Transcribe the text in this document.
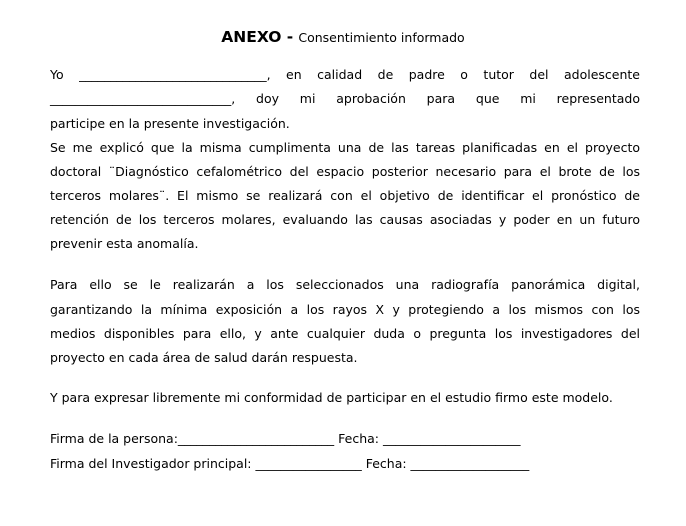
ANEXO - Consentimiento informado
Yo ______________________________, en calidad de padre o tutor del adolescente
_____________________________, doy mi aprobación para que mi representado
participe en la presente investigación.
Se me explicó que la misma cumplimenta una de las tareas planificadas en el proyecto
doctoral ¨Diagnóstico cefalométrico del espacio posterior necesario para el brote de los
terceros molares¨. El mismo se realizará con el objetivo de identificar el pronóstico de
retención de los terceros molares, evaluando las causas asociadas y poder en un futuro
prevenir esta anomalía.
Para ello se le realizarán a los seleccionados una radiografía panorámica digital,
garantizando la mínima exposición a los rayos X y protegiendo a los mismos con los
medios disponibles para ello, y ante cualquier duda o pregunta los investigadores del
proyecto en cada área de salud darán respuesta.
Y para expresar libremente mi conformidad de participar en el estudio firmo este modelo.
Firma de la persona:_________________________ Fecha: ______________________
Firma del Investigador principal: _________________ Fecha: ___________________
